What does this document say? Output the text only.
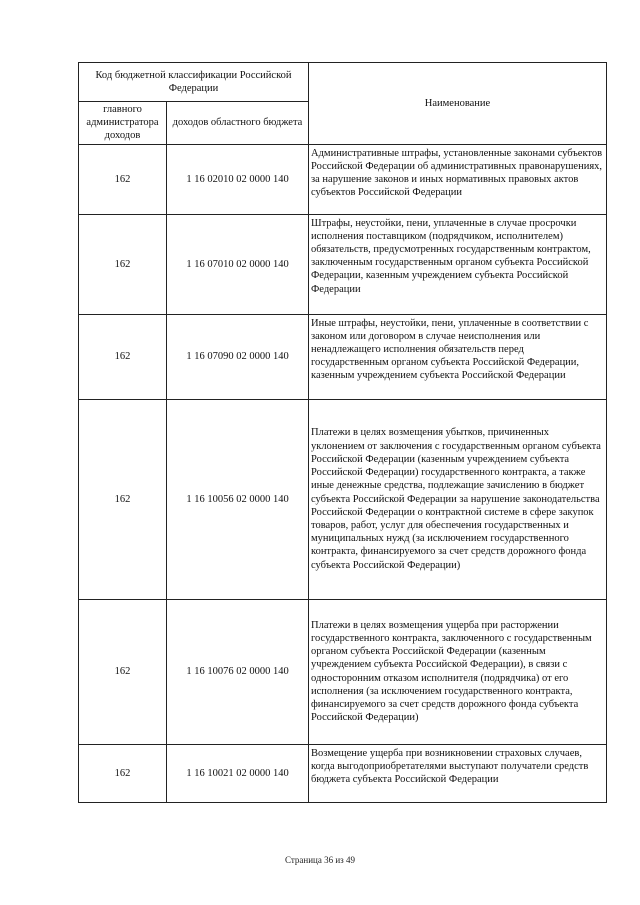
Код бюджетной классификации Российской Федерации		Наименование
главного администратора доходов	доходов областного бюджета	
162	1 16 02010 02 0000 140	Административные штрафы, установленные законами субъектов Российской Федерации об административных правонарушениях, за нарушение законов и иных нормативных правовых актов субъектов Российской Федерации
162	1 16 07010 02 0000 140	Штрафы, неустойки, пени, уплаченные в случае просрочки исполнения поставщиком (подрядчиком, исполнителем) обязательств, предусмотренных государственным контрактом, заключенным государственным органом субъекта Российской Федерации, казенным учреждением субъекта Российской Федерации
162	1 16 07090 02 0000 140	Иные штрафы, неустойки, пени, уплаченные в соответствии с законом или договором в случае неисполнения или ненадлежащего исполнения обязательств перед государственным органом субъекта Российской Федерации, казенным учреждением субъекта Российской Федерации
162	1 16 10056 02 0000 140	Платежи в целях возмещения убытков, причиненных уклонением от заключения с государственным органом субъекта Российской Федерации (казенным учреждением субъекта Российской Федерации) государственного контракта, а также иные денежные средства, подлежащие зачислению в бюджет субъекта Российской Федерации за нарушение законодательства Российской Федерации о контрактной системе в сфере закупок товаров, работ, услуг для обеспечения государственных и муниципальных нужд (за исключением государственного контракта, финансируемого за счет средств дорожного фонда субъекта Российской Федерации)
162	1 16 10076 02 0000 140	Платежи в целях возмещения ущерба при расторжении государственного контракта, заключенного с государственным органом субъекта Российской Федерации (казенным учреждением субъекта Российской Федерации), в связи с односторонним отказом исполнителя (подрядчика) от его исполнения (за исключением государственного контракта, финансируемого за счет средств дорожного фонда субъекта Российской Федерации)
162	1 16 10021 02 0000 140	Возмещение ущерба при возникновении страховых случаев, когда выгодоприобретателями выступают получатели средств бюджета субъекта Российской Федерации
Страница 36 из 49
